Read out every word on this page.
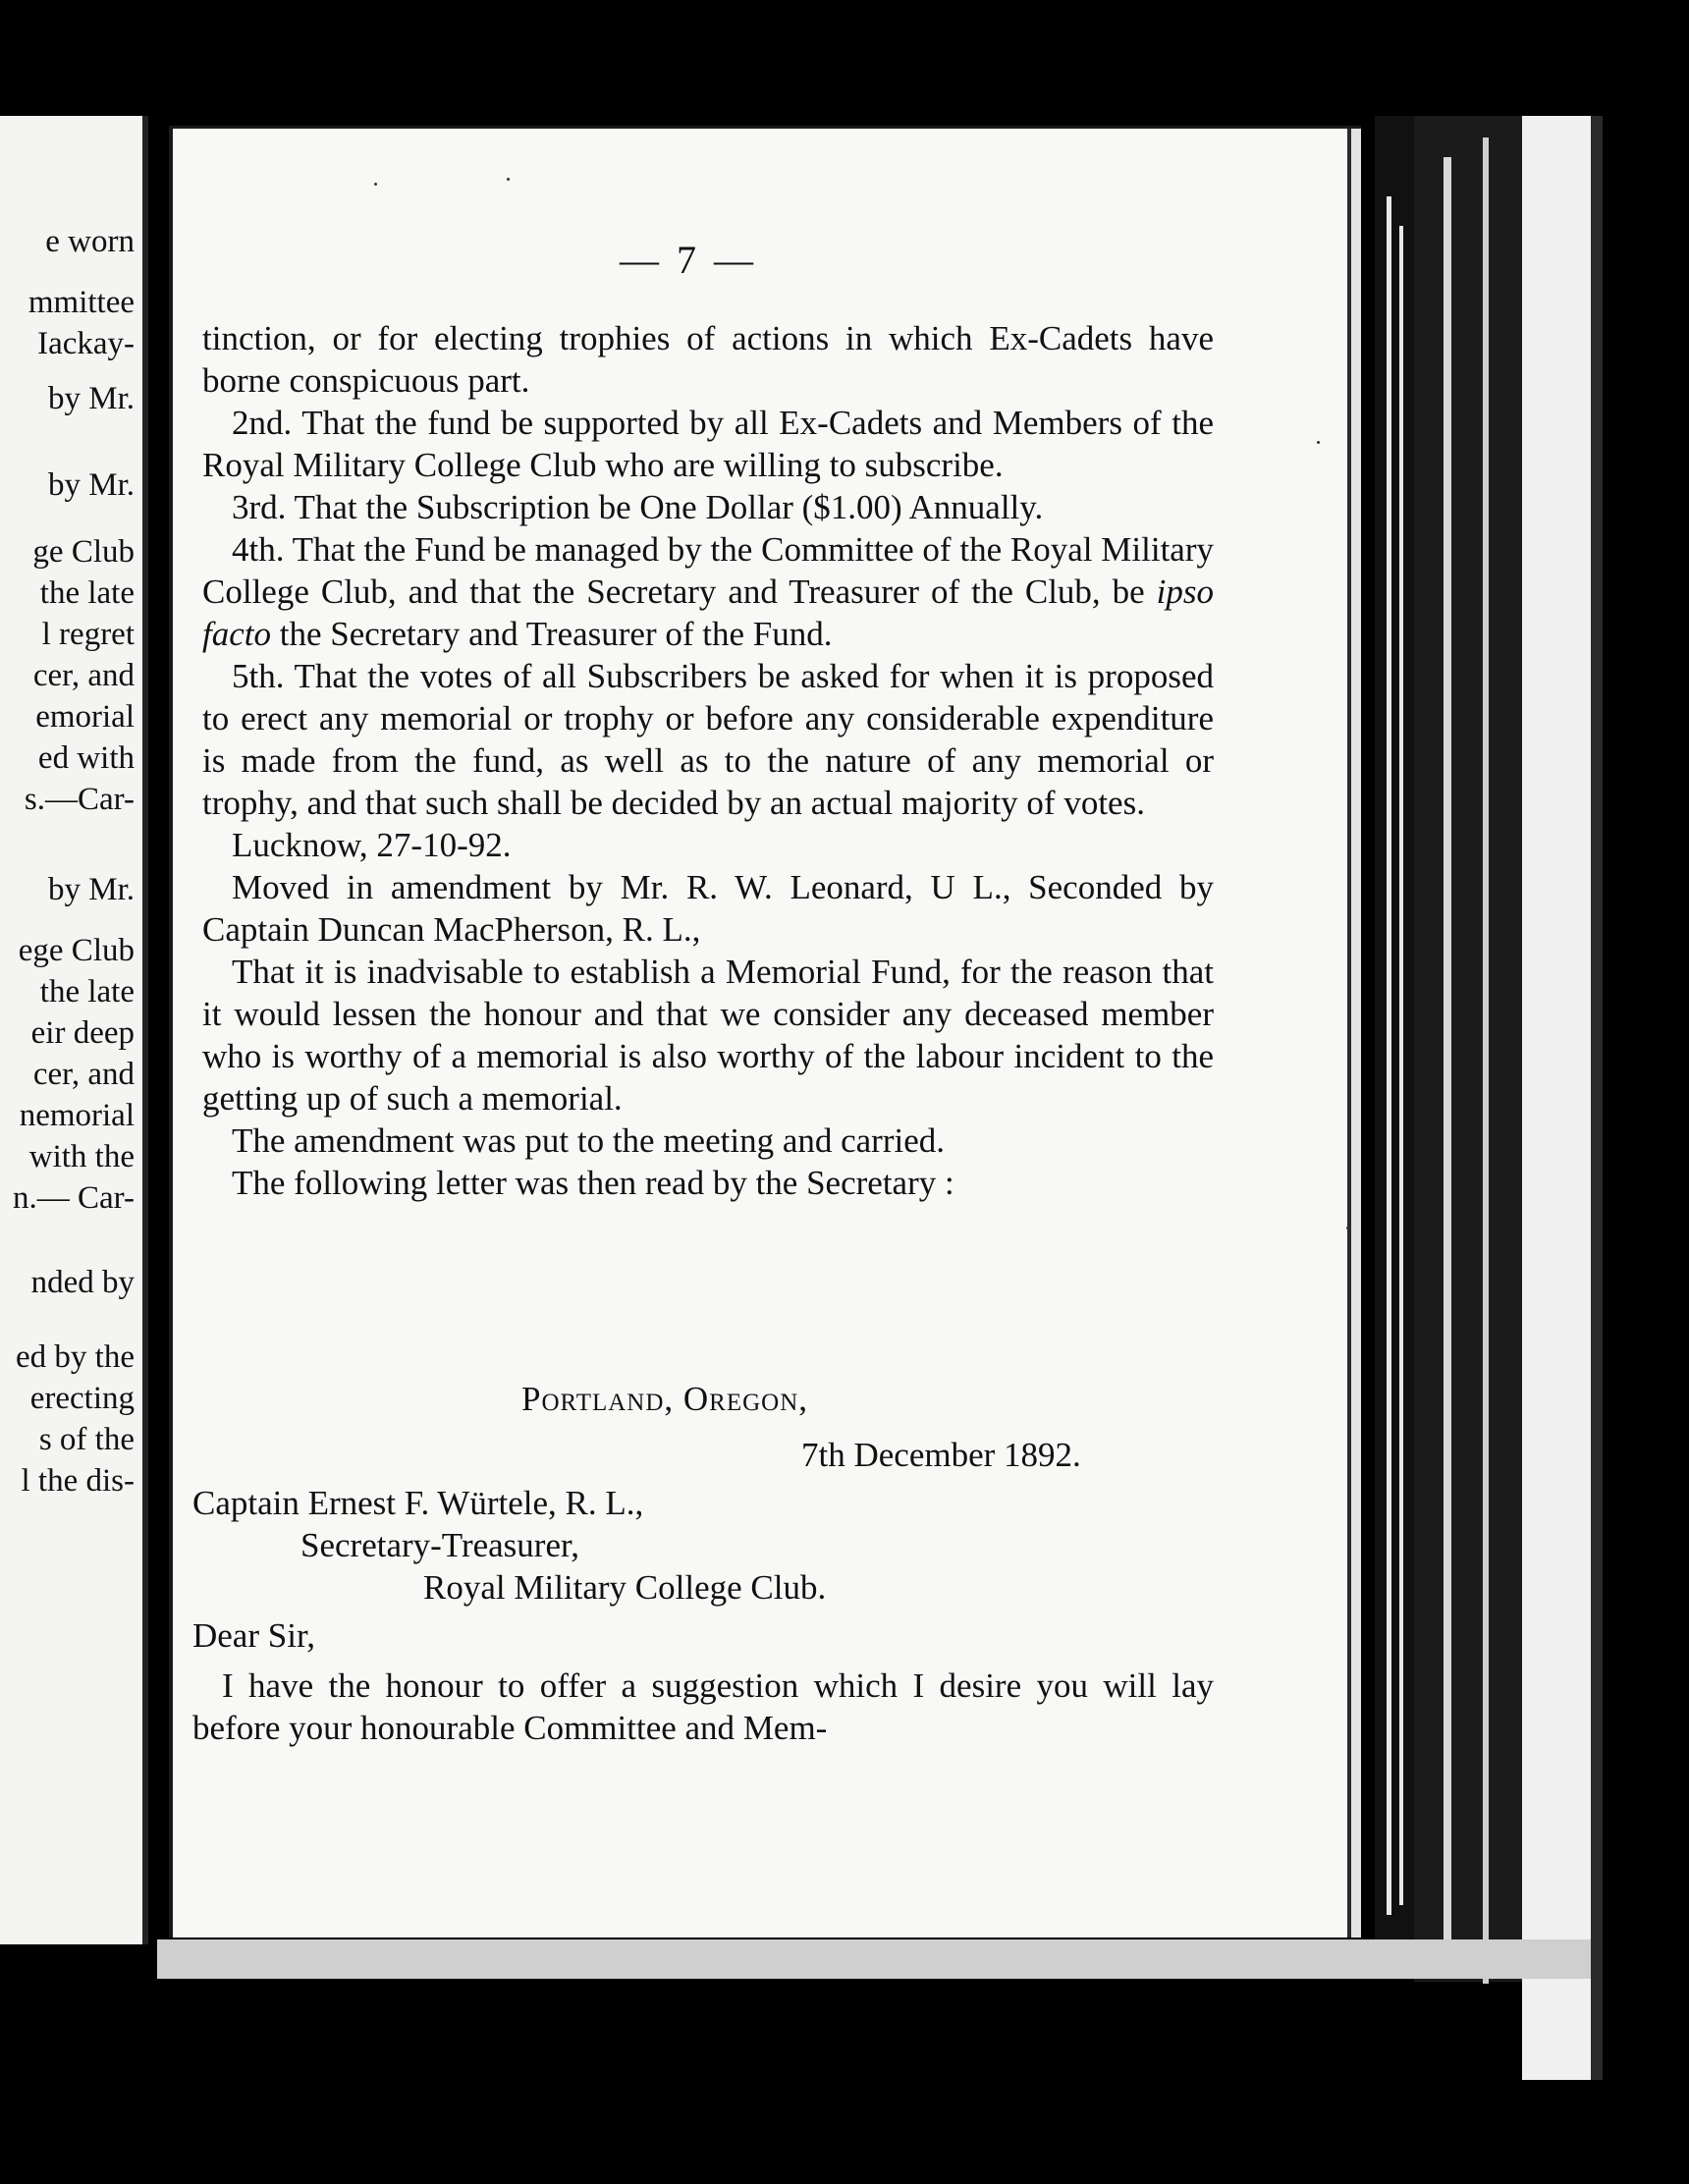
e worn
mmittee
Iackay-
by Mr.
by Mr.
ge Club
the late
l regret
cer, and
emorial
ed with
s.—Car-
by Mr.
ege Club
the late
eir deep
cer, and
nemorial
with the
n.— Car-
nded by
ed by the
erecting
s of the
l the dis-
— 7 —

tinction, or for electing trophies of actions in which Ex-Cadets have borne conspicuous part.

2nd. That the fund be supported by all Ex-Cadets and Members of the Royal Military College Club who are willing to subscribe.

3rd. That the Subscription be One Dollar ($1.00) Annually.

4th. That the Fund be managed by the Committee of the Royal Military College Club, and that the Secretary and Treasurer of the Club, be ipso facto the Secretary and Treasurer of the Fund.

5th. That the votes of all Subscribers be asked for when it is proposed to erect any memorial or trophy or before any considerable expenditure is made from the fund, as well as to the nature of any memorial or trophy, and that such shall be decided by an actual majority of votes.

Lucknow, 27-10-92.

Moved in amendment by Mr. R. W. Leonard, U L., Seconded by Captain Duncan MacPherson, R. L.,

That it is inadvisable to establish a Memorial Fund, for the reason that it would lessen the honour and that we consider any deceased member who is worthy of a memorial is also worthy of the labour incident to the getting up of such a memorial.

The amendment was put to the meeting and carried.

The following letter was then read by the Secretary :

Portland, Oregon,
7th December 1892.
Captain Ernest F. Würtele, R. L.,
Secretary-Treasurer,
Royal Military College Club.
Dear Sir,
I have the honour to offer a suggestion which I desire you will lay before your honourable Committee and Mem-
